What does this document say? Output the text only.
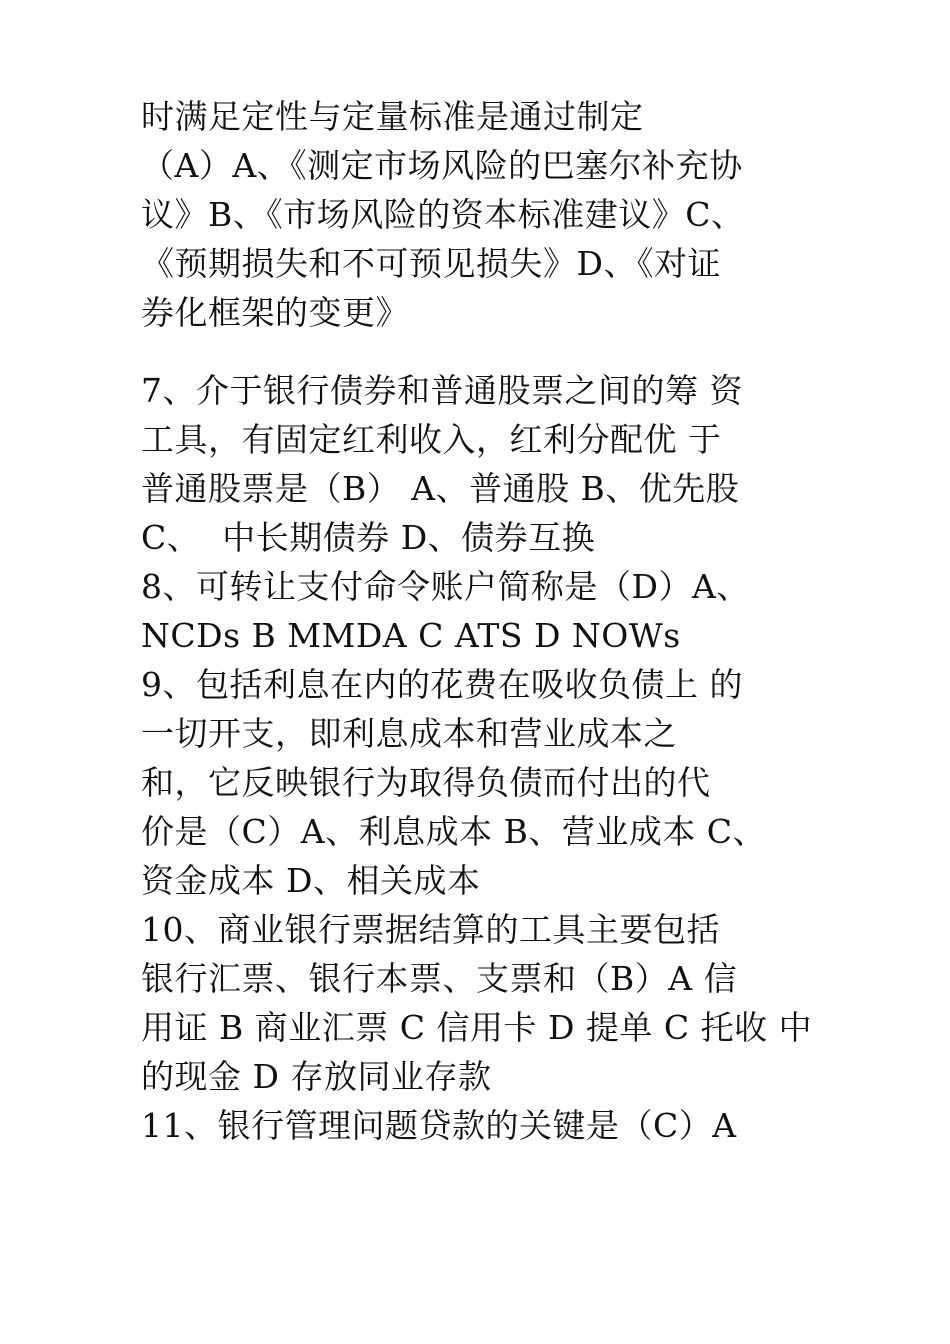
时满足定性与定量标准是通过制定
（A）A、《测定市场风险的巴塞尔补充协
议》B、《市场风险的资本标准建议》C、
《预期损失和不可预见损失》D、《对证
券化框架的变更》
7、介于银行债券和普通股票之间的筹 资
工具，有固定红利收入，红利分配优 于
普通股票是（B） A、普通股 B、优先股
C、  中长期债券 D、债券互换
8、可转让支付命令账户简称是（D）A、
NCDs B MMDA C ATS D NOWs
9、包括利息在内的花费在吸收负债上 的
一切开支，即利息成本和营业成本之
和，它反映银行为取得负债而付出的代
价是（C）A、利息成本 B、营业成本 C、
资金成本 D、相关成本
10、商业银行票据结算的工具主要包括
银行汇票、银行本票、支票和（B）A 信
用证 B 商业汇票 C 信用卡 D 提单 C 托收 中
的现金 D 存放同业存款
11、银行管理问题贷款的关键是（C）A
